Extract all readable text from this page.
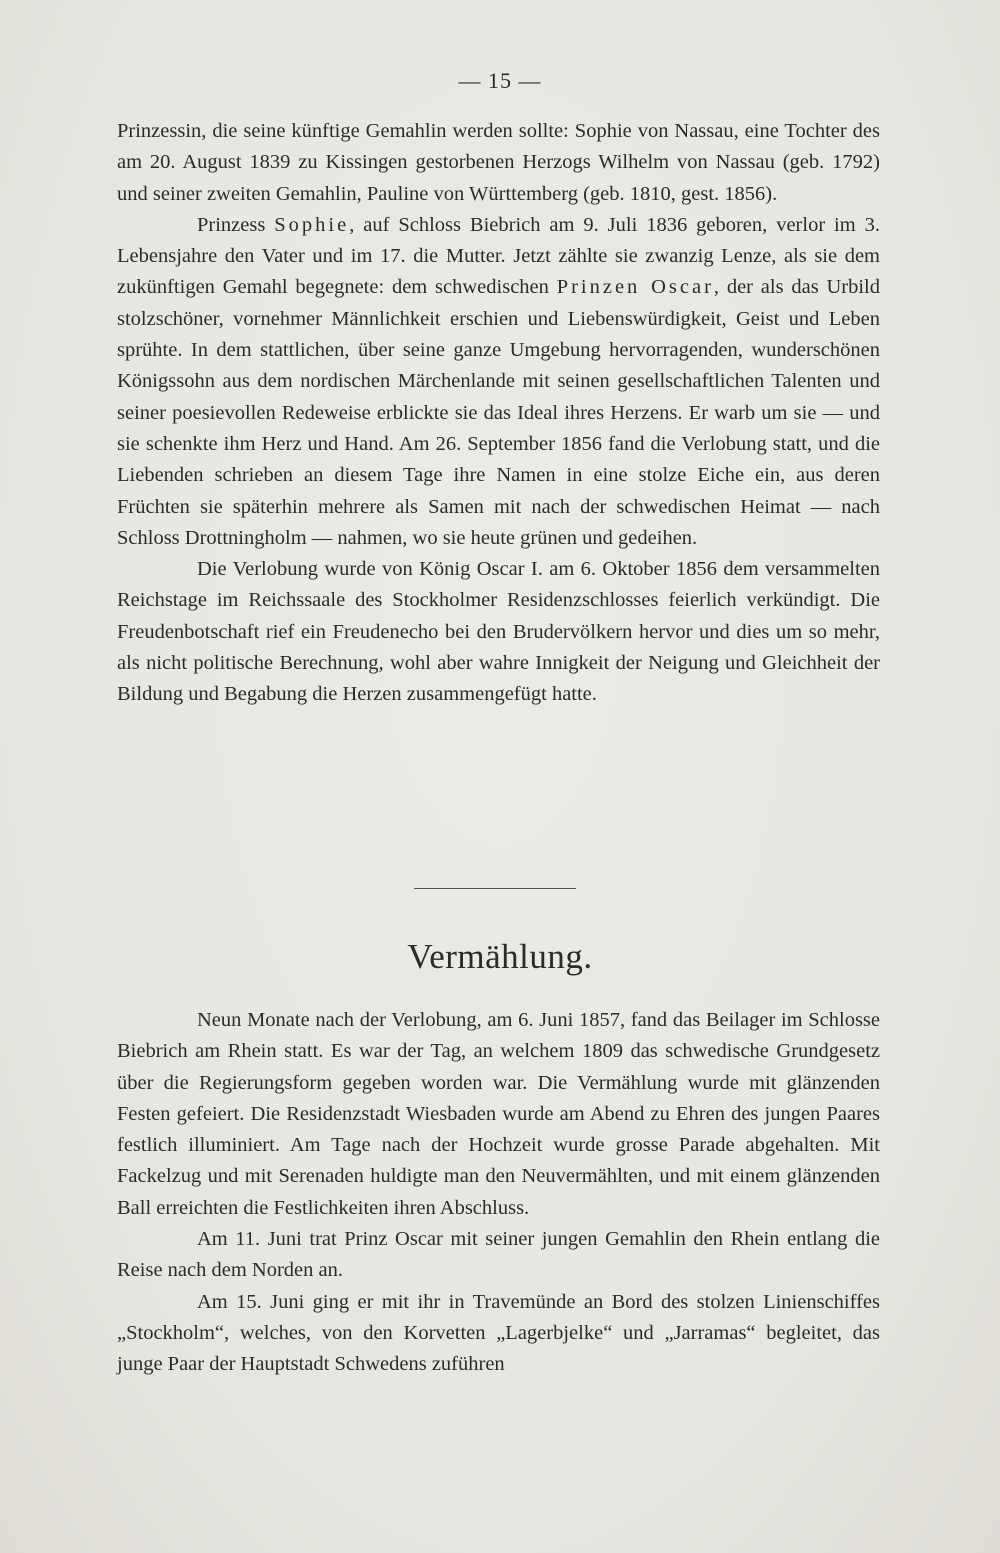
— 15 —

Prinzessin, die seine künftige Gemahlin werden sollte: Sophie von Nassau, eine Tochter des am 20. August 1839 zu Kissingen gestorbenen Herzogs Wilhelm von Nassau (geb. 1792) und seiner zweiten Gemahlin, Pauline von Württemberg (geb. 1810, gest. 1856).

Prinzess Sophie, auf Schloss Biebrich am 9. Juli 1836 geboren, verlor im 3. Lebensjahre den Vater und im 17. die Mutter. Jetzt zählte sie zwanzig Lenze, als sie dem zukünftigen Gemahl begegnete: dem schwedischen Prinzen Oscar, der als das Urbild stolzschöner, vornehmer Männlichkeit erschien und Liebenswürdigkeit, Geist und Leben sprühte. In dem stattlichen, über seine ganze Umgebung hervorragenden, wunderschönen Königssohn aus dem nordischen Märchenlande mit seinen gesellschaftlichen Talenten und seiner poesievollen Redeweise erblickte sie das Ideal ihres Herzens. Er warb um sie — und sie schenkte ihm Herz und Hand. Am 26. September 1856 fand die Verlobung statt, und die Liebenden schrieben an diesem Tage ihre Namen in eine stolze Eiche ein, aus deren Früchten sie späterhin mehrere als Samen mit nach der schwedischen Heimat — nach Schloss Drottningholm — nahmen, wo sie heute grünen und gedeihen.

Die Verlobung wurde von König Oscar I. am 6. Oktober 1856 dem versammelten Reichstage im Reichssaale des Stockholmer Residenzschlosses feierlich verkündigt. Die Freudenbotschaft rief ein Freudenecho bei den Brudervölkern hervor und dies um so mehr, als nicht politische Berechnung, wohl aber wahre Innigkeit der Neigung und Gleichheit der Bildung und Begabung die Herzen zusammengefügt hatte.

Vermählung.

Neun Monate nach der Verlobung, am 6. Juni 1857, fand das Beilager im Schlosse Biebrich am Rhein statt. Es war der Tag, an welchem 1809 das schwedische Grundgesetz über die Regierungsform gegeben worden war. Die Vermählung wurde mit glänzenden Festen gefeiert. Die Residenzstadt Wiesbaden wurde am Abend zu Ehren des jungen Paares festlich illuminiert. Am Tage nach der Hochzeit wurde grosse Parade abgehalten. Mit Fackelzug und mit Serenaden huldigte man den Neuvermählten, und mit einem glänzenden Ball erreichten die Festlichkeiten ihren Abschluss.

Am 11. Juni trat Prinz Oscar mit seiner jungen Gemahlin den Rhein entlang die Reise nach dem Norden an.

Am 15. Juni ging er mit ihr in Travemünde an Bord des stolzen Linienschiffes „Stockholm“, welches, von den Korvetten „Lagerbjelke“ und „Jarramas“ begleitet, das junge Paar der Hauptstadt Schwedens zuführen
